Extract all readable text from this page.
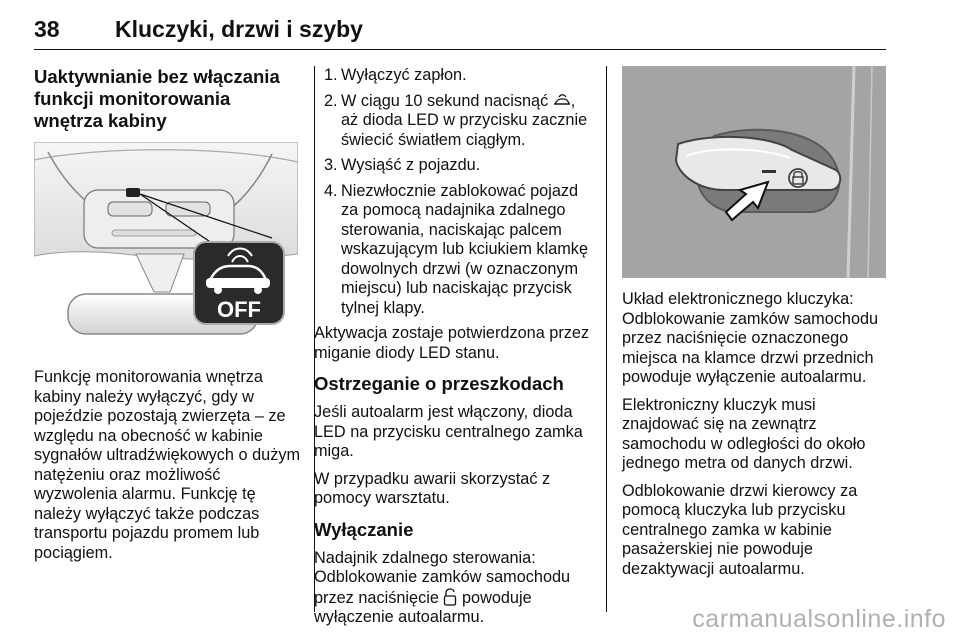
38 Kluczyki, drzwi i szyby
Uaktywnianie bez włączania funkcji monitorowania wnętrza kabiny
OFF

Funkcję monitorowania wnętrza kabiny należy wyłączyć, gdy w pojeździe pozostają zwierzęta – ze względu na obecność w kabinie sygnałów ultradźwiękowych o dużym natężeniu oraz możliwość wyzwolenia alarmu. Funkcję tę należy wyłączyć także podczas transportu pojazdu promem lub pociągiem.

1. Wyłączyć zapłon.
2. W ciągu 10 sekund nacisnąć , aż dioda LED w przycisku zacznie świecić światłem ciągłym.
3. Wysiąść z pojazdu.
4. Niezwłocznie zablokować pojazd za pomocą nadajnika zdalnego sterowania, naciskając palcem wskazującym lub kciukiem klamkę dowolnych drzwi (w oznaczonym miejscu) lub naciskając przycisk tylnej klapy.

Aktywacja zostaje potwierdzona przez miganie diody LED stanu.

Ostrzeganie o przeszkodach

Jeśli autoalarm jest włączony, dioda LED na przycisku centralnego zamka miga.

W przypadku awarii skorzystać z pomocy warsztatu.

Wyłączanie

Nadajnik zdalnego sterowania: Odblokowanie zamków samochodu przez naciśnięcie powoduje wyłączenie autoalarmu.

Układ elektronicznego kluczyka: Odblokowanie zamków samochodu przez naciśnięcie oznaczonego miejsca na klamce drzwi przednich powoduje wyłączenie autoalarmu.

Elektroniczny kluczyk musi znajdować się na zewnątrz samochodu w odległości do około jednego metra od danych drzwi.

Odblokowanie drzwi kierowcy za pomocą kluczyka lub przycisku centralnego zamka w kabinie pasażerskiej nie powoduje dezaktywacji autoalarmu.

carmanualsonline.info
